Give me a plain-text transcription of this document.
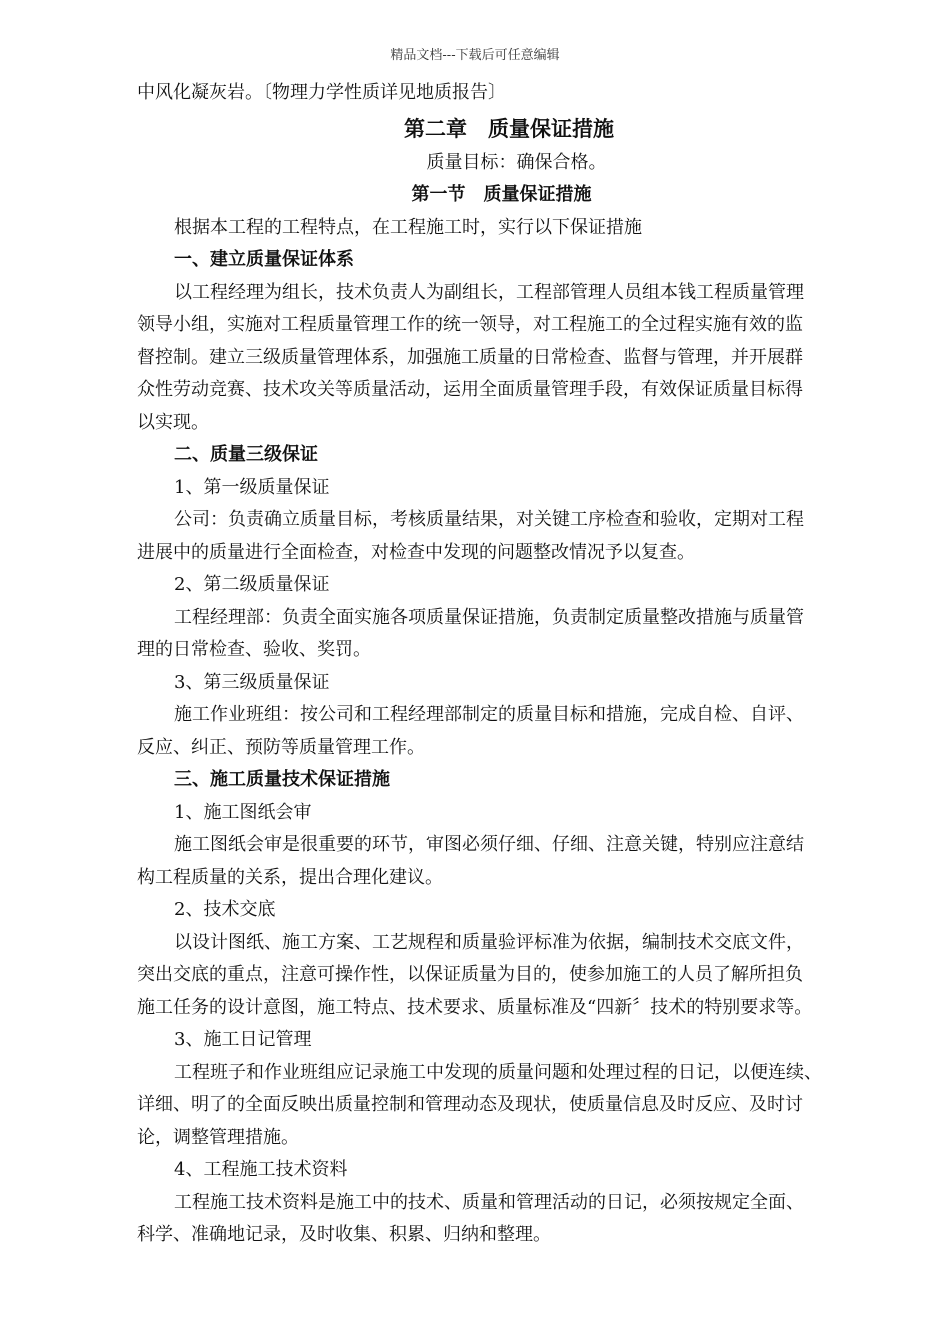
精品文档---下载后可任意编辑
中风化凝灰岩。〔物理力学性质详见地质报告〕
第二章　质量保证措施
质量目标：确保合格。
第一节　质量保证措施
根据本工程的工程特点，在工程施工时，实行以下保证措施
一、建立质量保证体系
以工程经理为组长，技术负责人为副组长，工程部管理人员组本钱工程质量管理
领导小组，实施对工程质量管理工作的统一领导，对工程施工的全过程实施有效的监
督控制。建立三级质量管理体系，加强施工质量的日常检查、监督与管理，并开展群
众性劳动竞赛、技术攻关等质量活动，运用全面质量管理手段，有效保证质量目标得
以实现。
二、质量三级保证
1、第一级质量保证
公司：负责确立质量目标，考核质量结果，对关键工序检查和验收，定期对工程
进展中的质量进行全面检查，对检查中发现的问题整改情况予以复查。
2、第二级质量保证
工程经理部：负责全面实施各项质量保证措施，负责制定质量整改措施与质量管
理的日常检查、验收、奖罚。
3、第三级质量保证
施工作业班组：按公司和工程经理部制定的质量目标和措施，完成自检、自评、
反应、纠正、预防等质量管理工作。
三、施工质量技术保证措施
1、施工图纸会审
施工图纸会审是很重要的环节，审图必须仔细、仔细、注意关键，特别应注意结
构工程质量的关系，提出合理化建议。
2、技术交底
以设计图纸、施工方案、工艺规程和质量验评标准为依据，编制技术交底文件，
突出交底的重点，注意可操作性，以保证质量为目的，使参加施工的人员了解所担负
施工任务的设计意图，施工特点、技术要求、质量标准及“四新〞技术的特别要求等。
3、施工日记管理
工程班子和作业班组应记录施工中发现的质量问题和处理过程的日记，以便连续、
详细、明了的全面反映出质量控制和管理动态及现状，使质量信息及时反应、及时讨
论，调整管理措施。
4、工程施工技术资料
工程施工技术资料是施工中的技术、质量和管理活动的日记，必须按规定全面、
科学、准确地记录，及时收集、积累、归纳和整理。
